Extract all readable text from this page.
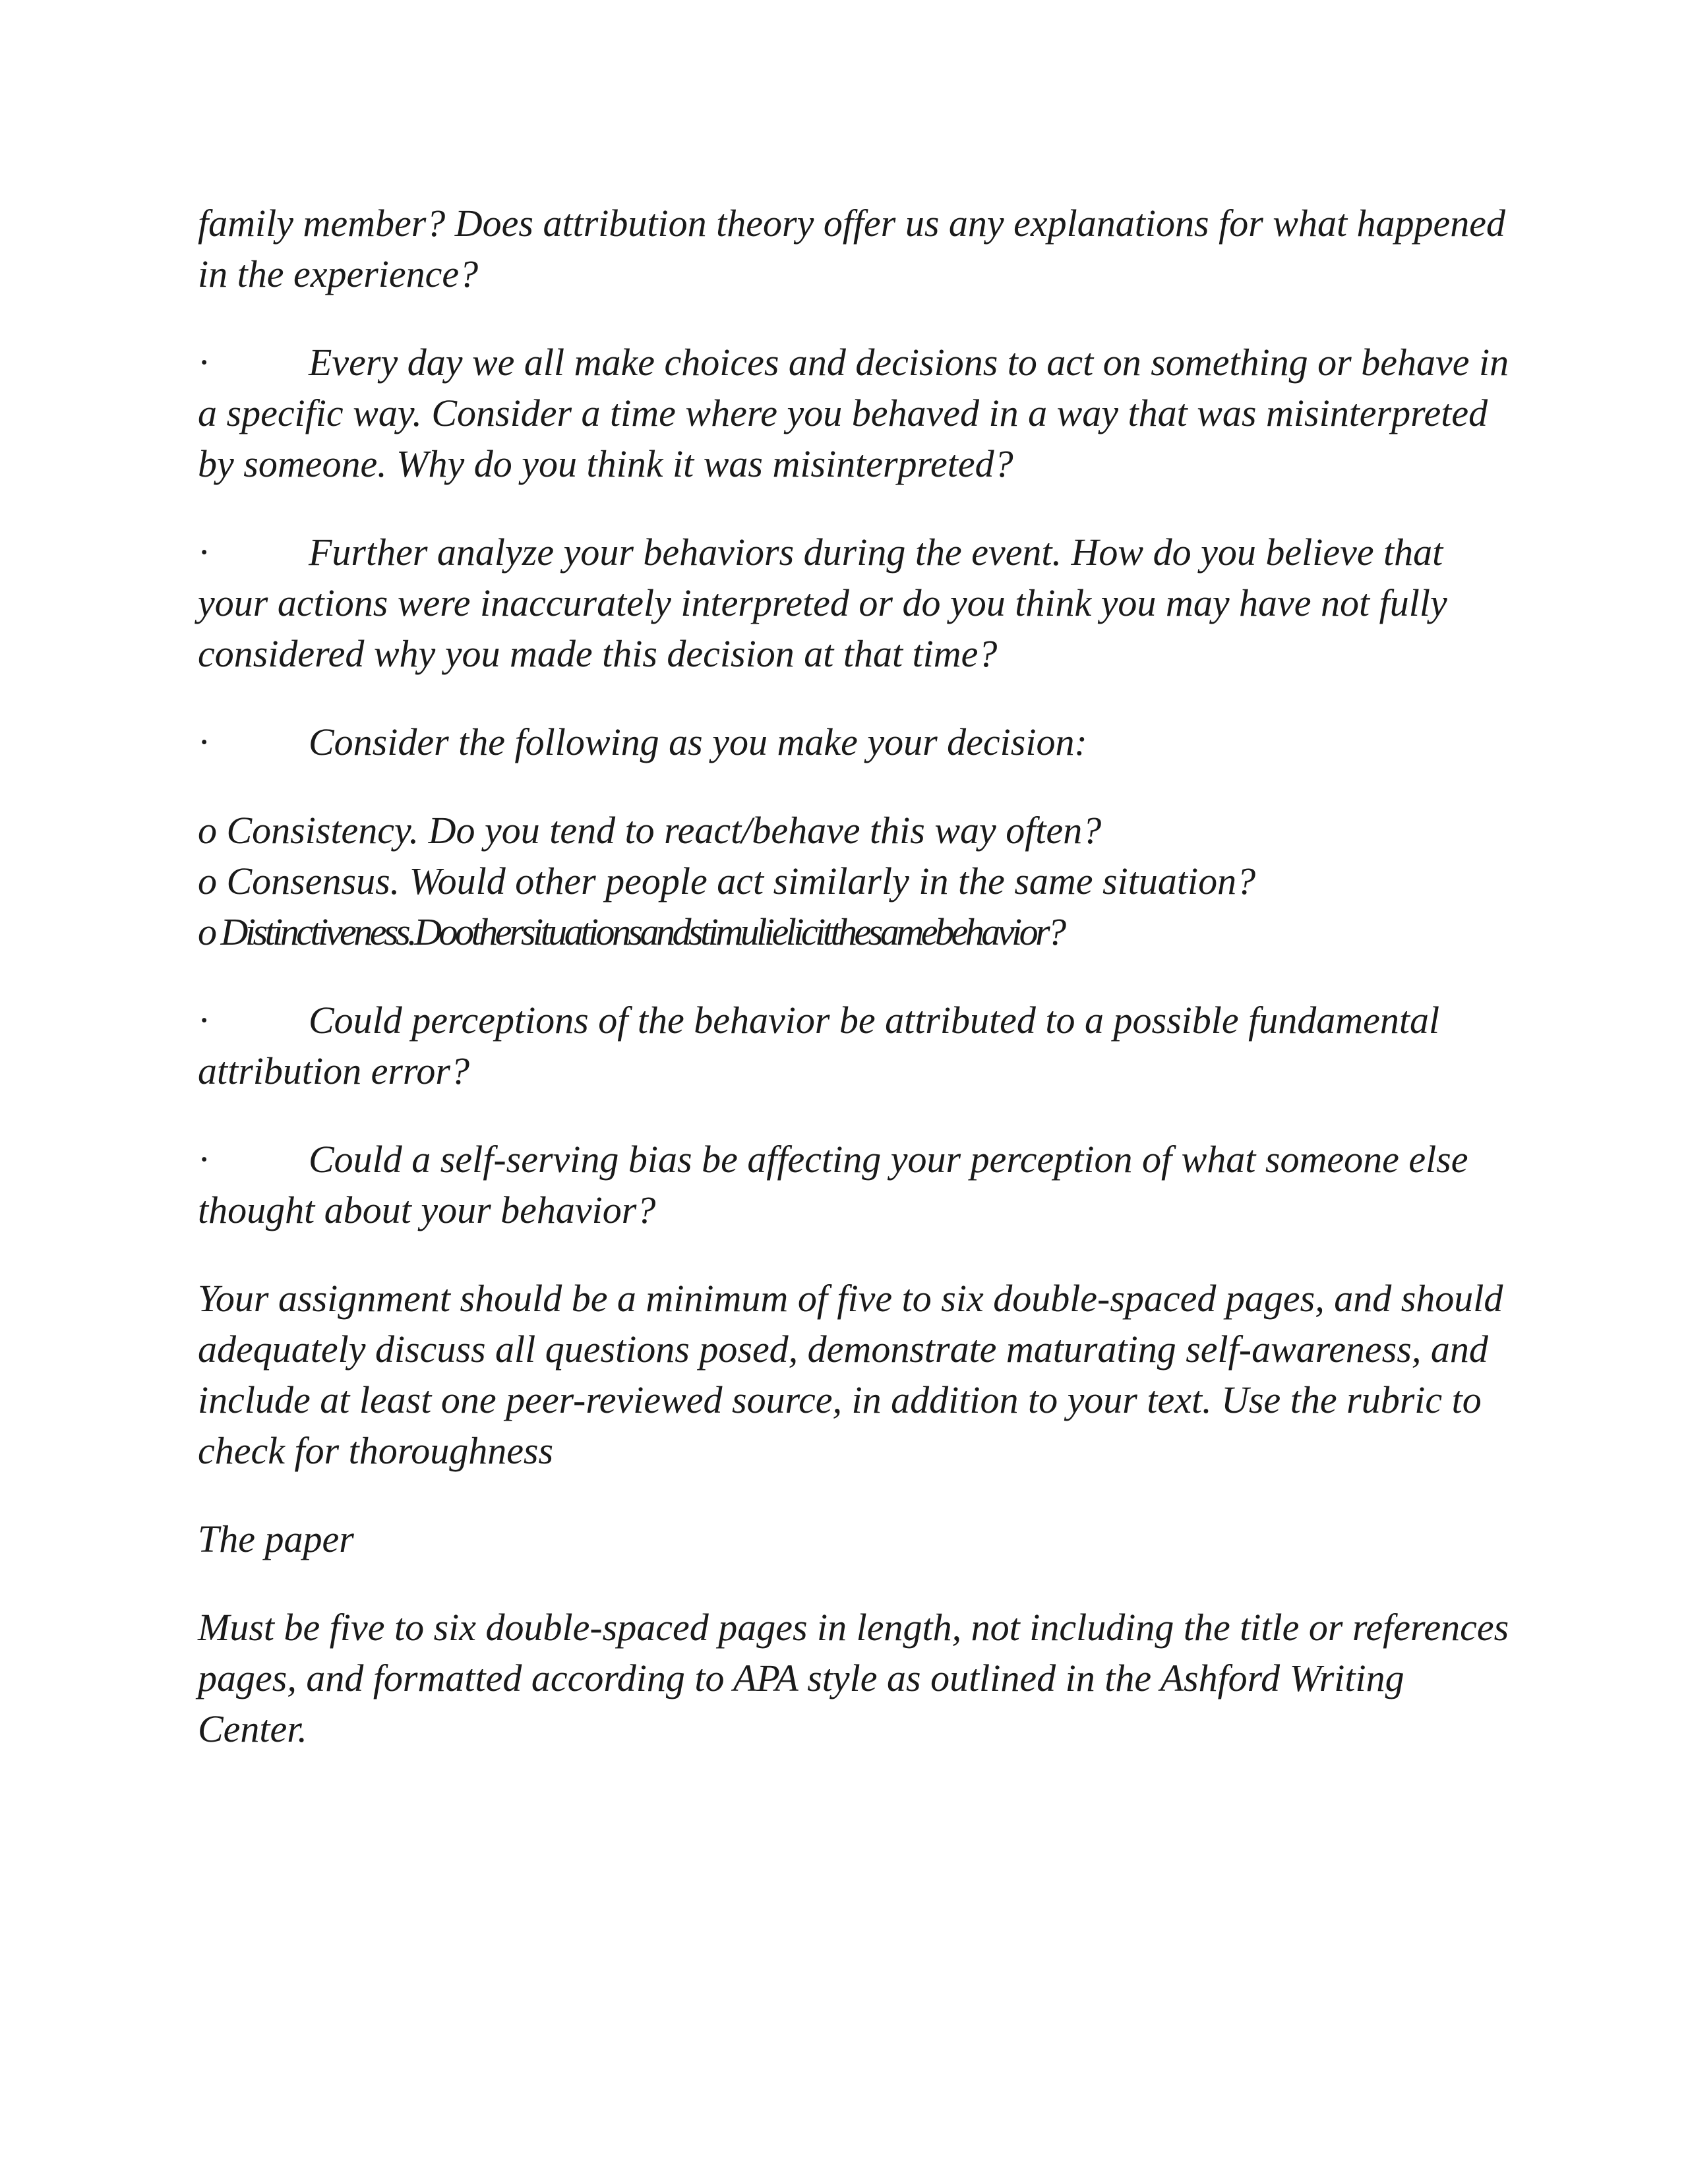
family member? Does attribution theory offer us any explanations for what happened in the experience?

·	Every day we all make choices and decisions to act on something or behave in a specific way. Consider a time where you behaved in a way that was misinterpreted by someone. Why do you think it was misinterpreted?

·	Further analyze your behaviors during the event. How do you believe that your actions were inaccurately interpreted or do you think you may have not fully considered why you made this decision at that time?

·	Consider the following as you make your decision:

o Consistency. Do you tend to react/behave this way often?

o Consensus. Would other people act similarly in the same situation?

o Distinctiveness.Doothersituationsandstimulielicitthesamebehavior?

·	Could perceptions of the behavior be attributed to a possible fundamental attribution error?

·	Could a self-serving bias be affecting your perception of what someone else thought about your behavior?

Your assignment should be a minimum of five to six double-spaced pages, and should adequately discuss all questions posed, demonstrate maturating self-awareness, and include at least one peer-reviewed source, in addition to your text. Use the rubric to check for thoroughness

The paper

Must be five to six double-spaced pages in length, not including the title or references pages, and formatted according to APA style as outlined in the Ashford Writing Center.
